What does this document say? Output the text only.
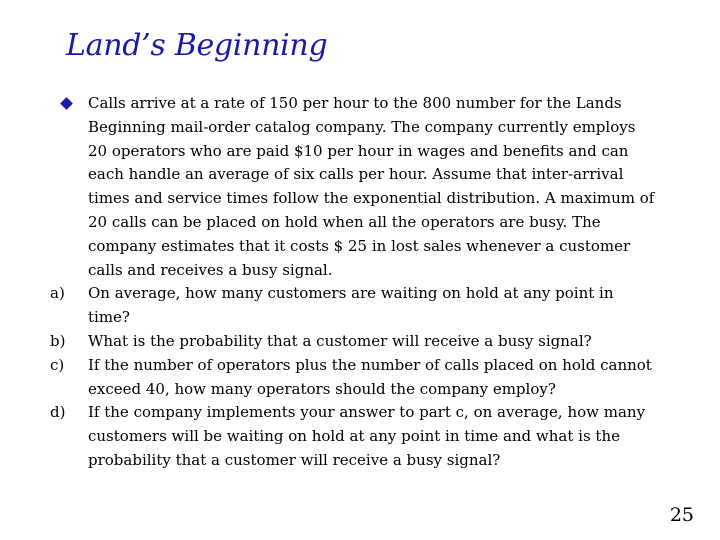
Land’s Beginning
Calls arrive at a rate of 150 per hour to the 800 number for the Lands Beginning mail-order catalog company. The company currently employs 20 operators who are paid $10 per hour in wages and benefits and can each handle an average of six calls per hour. Assume that inter-arrival times and service times follow the exponential distribution. A maximum of 20 calls can be placed on hold when all the operators are busy. The company estimates that it costs $ 25 in lost sales whenever a customer calls and receives a busy signal.
a)	On average, how many customers are waiting on hold at any point in time?
b)	What is the probability that a customer will receive a busy signal?
c)	If the number of operators plus the number of calls placed on hold cannot exceed 40, how many operators should the company employ?
d)	If the company implements your answer to part c, on average, how many customers will be waiting on hold at any point in time and what is the probability that a customer will receive a busy signal?
25
